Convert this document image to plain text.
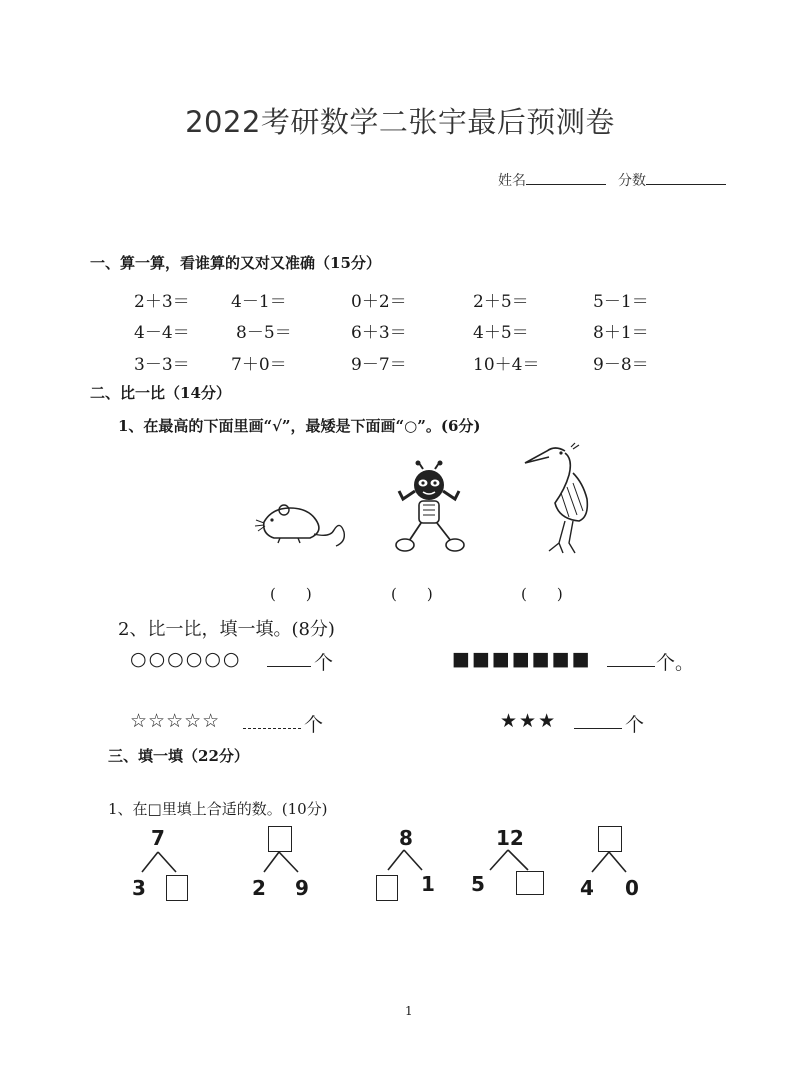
2022考研数学二张宇最后预测卷
姓名	分数
一、算一算，看谁算的又对又准确（15分）
2＋3＝ 4－1＝	0＋2＝	2＋5＝	5－1＝
4－4＝	8－5＝	6＋3＝	4＋5＝	8＋1＝
3－3＝ 7＋0＝	9－7＝	10＋4＝	9－8＝
二、比一比（14分）
1、在最高的下面里画“√”，最矮是下面画“○”。(6分)
(　　)	(　　)	(　　)
2、比一比，填一填。(8分)
○○○○○○	个	■■■■■■■	个。
☆☆☆☆☆	个	★★★	个
三、填一填（22分）
1、在□里填上合适的数。(10分)
7
3	2 9
8
1
12
5	4 0
1
